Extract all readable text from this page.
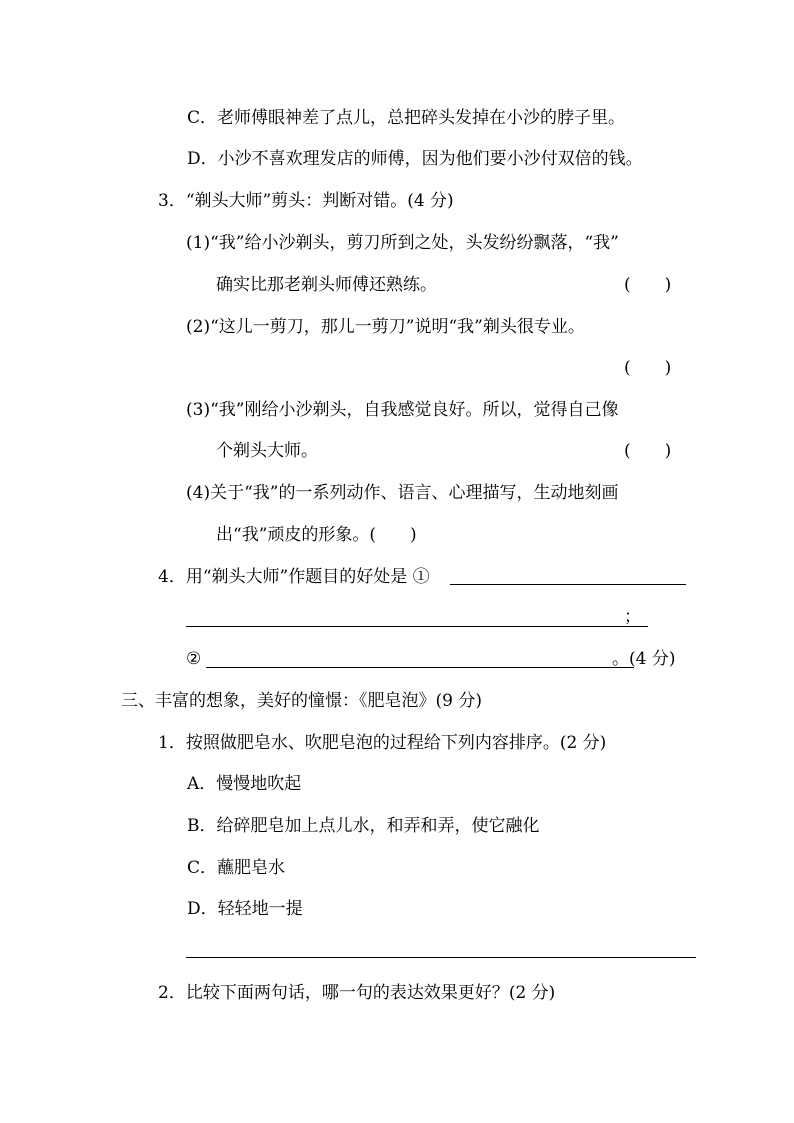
C．老师傅眼神差了点儿，总把碎头发掉在小沙的脖子里。
D．小沙不喜欢理发店的师傅，因为他们要小沙付双倍的钱。
3．“剃头大师”剪头：判断对错。(4 分)
(1)“我”给小沙剃头，剪刀所到之处，头发纷纷飘落，“我”
确实比那老剃头师傅还熟练。	(　　)
(2)“这儿一剪刀，那儿一剪刀”说明“我”剃头很专业。
(　　)
(3)“我”刚给小沙剃头，自我感觉良好。所以，觉得自己像
个剃头大师。	(　　)
(4)关于“我”的一系列动作、语言、心理描写，生动地刻画
出“我”顽皮的形象。(　　)
4．用“剃头大师”作题目的好处是 ①
；
②	。(4 分)
三、丰富的想象，美好的憧憬：《肥皂泡》(9 分)
1．按照做肥皂水、吹肥皂泡的过程给下列内容排序。(2 分)
A．慢慢地吹起
B．给碎肥皂加上点儿水，和弄和弄，使它融化
C．蘸肥皂水
D．轻轻地一提
2．比较下面两句话，哪一句的表达效果更好？(2 分)
